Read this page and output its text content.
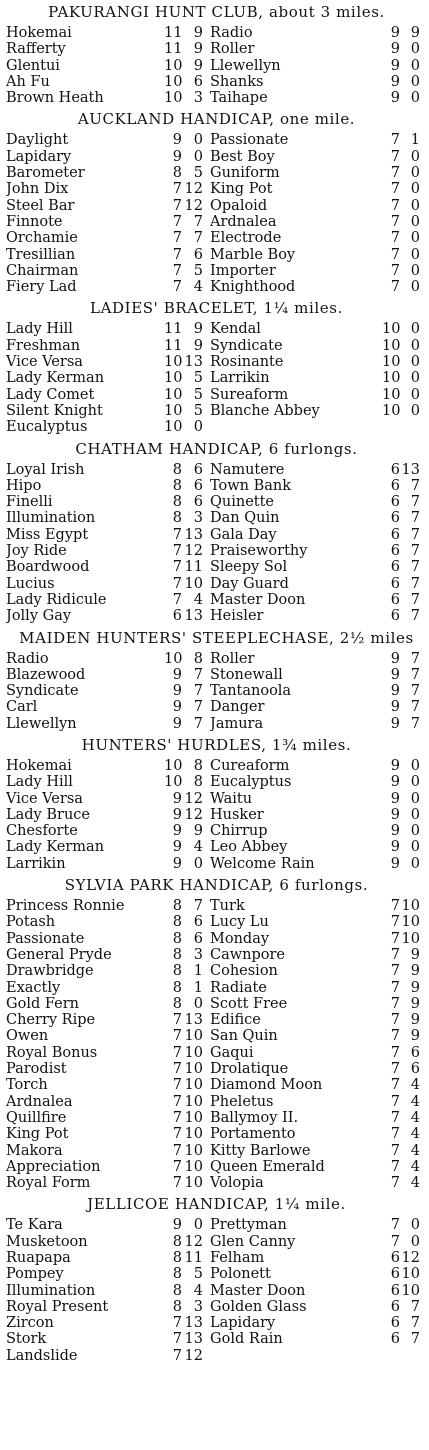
PAKURANGI HUNT CLUB, about 3 miles.
Hokemai	11 9 Radio	9 9
Rafferty	11 9 Roller	9 0
Glentui	10 9 Llewellyn	9 0
Ah Fu	10 6 Shanks	9 0
Brown Heath	10 3 Taihape	9 0
AUCKLAND HANDICAP, one mile.
Daylight	9 0 Passionate	7 1
Lapidary	9 0 Best Boy	7 0
Barometer	8 5 Guniform	7 0
John Dix	7 12 King Pot	7 0
Steel Bar	7 12 Opaloid	7 0
Finnote	7 7 Ardnalea	7 0
Orchamie	7 7 Electrode	7 0
Tresillian	7 6 Marble Boy	7 0
Chairman	7 5 Importer	7 0
Fiery Lad	7 4 Knighthood	7 0
LADIES' BRACELET, 1¼ miles.
Lady Hill	11 9 Kendal	10 0
Freshman	11 9 Syndicate	10 0
Vice Versa	10 13 Rosinante	10 0
Lady Kerman	10 5 Larrikin	10 0
Lady Comet	10 5 Sureaform	10 0
Silent Knight	10 5 Blanche Abbey	10 0
Eucalyptus	10 0
CHATHAM HANDICAP, 6 furlongs.
Loyal Irish	8 6 Namutere	6 13
Hipo	8 6 Town Bank	6 7
Finelli	8 6 Quinette	6 7
Illumination	8 3 Dan Quin	6 7
Miss Egypt	7 13 Gala Day	6 7
Joy Ride	7 12 Praiseworthy	6 7
Boardwood	7 11 Sleepy Sol	6 7
Lucius	7 10 Day Guard	6 7
Lady Ridicule	7 4 Master Doon	6 7
Jolly Gay	6 13 Heisler	6 7
MAIDEN HUNTERS' STEEPLECHASE, 2½ miles
Radio	10 8 Roller	9 7
Blazewood	9 7 Stonewall	9 7
Syndicate	9 7 Tantanoola	9 7
Carl	9 7 Danger	9 7
Llewellyn	9 7 Jamura	9 7
HUNTERS' HURDLES, 1¾ miles.
Hokemai	10 8 Cureaform	9 0
Lady Hill	10 8 Eucalyptus	9 0
Vice Versa	9 12 Waitu	9 0
Lady Bruce	9 12 Husker	9 0
Chesforte	9 9 Chirrup	9 0
Lady Kerman	9 4 Leo Abbey	9 0
Larrikin	9 0 Welcome Rain	9 0
SYLVIA PARK HANDICAP, 6 furlongs.
Princess Ronnie	8 7 Turk	7 10
Potash	8 6 Lucy Lu	7 10
Passionate	8 6 Monday	7 10
General Pryde	8 3 Cawnpore	7 9
Drawbridge	8 1 Cohesion	7 9
Exactly	8 1 Radiate	7 9
Gold Fern	8 0 Scott Free	7 9
Cherry Ripe	7 13 Edifice	7 9
Owen	7 10 San Quin	7 9
Royal Bonus	7 10 Gaqui	7 6
Parodist	7 10 Drolatique	7 6
Torch	7 10 Diamond Moon	7 4
Ardnalea	7 10 Pheletus	7 4
Quillfire	7 10 Ballymoy II.	7 4
King Pot	7 10 Portamento	7 4
Makora	7 10 Kitty Barlowe	7 4
Appreciation	7 10 Queen Emerald	7 4
Royal Form	7 10 Volopia	7 4
JELLICOE HANDICAP, 1¼ mile.
Te Kara	9 0 Prettyman	7 0
Musketoon	8 12 Glen Canny	7 0
Ruapapa	8 11 Felham	6 12
Pompey	8 5 Polonett	6 10
Illumination	8 4 Master Doon	6 10
Royal Present	8 3 Golden Glass	6 7
Zircon	7 13 Lapidary	6 7
Stork	7 13 Gold Rain	6 7
Landslide	7 12
